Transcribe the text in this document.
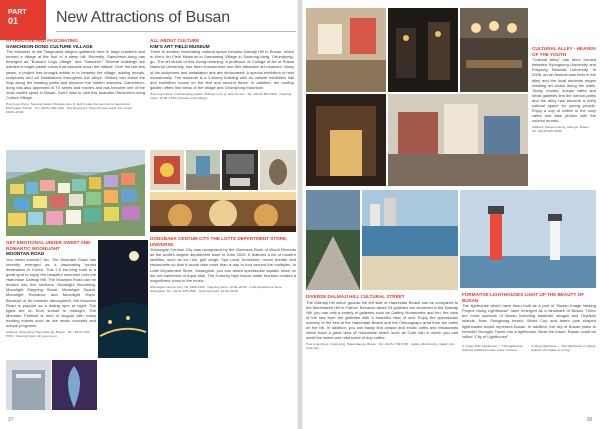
PART
01	New Attractions of Busan
ATTRACTIVE AND FASCINATING
GAMCHEON-DONG CULTURE VILLAGE
The followers of the Taegeukdo religion gathered here in large numbers and formed a village at the foot of a steep hill. Recently, Gamcheon-dong has emerged as “Busan’s Lego Village” and “Santorini.” Several buildings are painted in bright pastel colors that cascade down the hillside. Over the last few years, a project has brought artists in to beautify the village, adding murals, sculptures and art installations throughout the alleys. Visitors can follow the map along the winding paths and discover the hidden artworks. Gamcheon-dong has also appeared in TV series and movies and has become one of the most visited spots in Busan. Don’t miss to visit this beautiful Gamcheon-dong Culture Village.
How to get there: Toseong station (Subway Line 1), Exit 6, take the town bus to Gamcheon Elementary School · Tel: +82-51-204-1444 · Opening hours: Open all year round, info center 09:00~18:00
ALL ABOUT CULTURE
KIM’S ART FIELD MUSEUM
There is another fascinating cultural space besides Dalmaji Hill in Busan, which is Kim’s Art Field Museum in Samsaeng Village in Suseong-dong, Geumjeong-gu. The art studio of this loving-meaning, a professor of Collage of Art of Pusan National University, has been transformed into this attractive art museum. Many of his sculptures and installation arts are showcased. A special exhibition is held occasionally. The museum is a 3-storey building with an outside exhibition hall and exhibition rooms on the first and second floors. In addition, the rooftop garden offers fine views of the village and Geumjeong Mountain.
How to get there: Oncheonjang station (Subway Line 1), take the bus · Tel: +82-51-583-3223 · Opening hours: 10:00~18:00 (Closed on Mondays)
GET EMOTIONAL UNDER SWEET AND ROMANTIC MOONLIGHT
MOONTAN ROAD
You mean sunrise? No. The Moontan Road has recently emerged as a fascinating tourist destination in Korea. This 2.5 km-long road is a great spot to enjoy the beautiful moonrise over the Haeundae Dalmaji Hill. The Moontan Road can be divided into five sections; Moonlight Moontang, Moonlight Stepping Stone, Moonlight Sound, Moonlight Romance and Moonlight Hope. Because of its romantic atmosphere, the Moontan Road is popular as a dating spot at night. The lights are on from sunset to midnight. The Moontan Festival is held in August with many exciting events such as live music concerts and unique programs.
Address: Jung-dong, Haeundae-gu, Busan · Tel: +82-51-749-5700 · Opening hours: All year round
DONGBAEK CENTUM CITY THE LOTTE DEPARTMENT STORE, UNIVERSE
Shinsegae Centum City was recognized by the Guinness Book of World Records as the world’s largest department store in June 2009. It features a list of modern facilities, such as ice rink, golf range, Spa Land, bookstore, movie theater and restaurants so that it would take more than a day to tour around the multiplex. In Lotte Department Store, Gwangbok, you can watch spectacular aquatic show on the cut basement of Aqua Mall. The 3-storey high indoor water fountain creates a magnificent show to the music.
Shinsegae Centum City: Tel: 1588-1234 · Opening hours: 10:30~20:00 · Lotte Department Store Gwangbok: Tel: +82-51-678-2500 · Opening hours: 10:30~20:00
37
CULTURAL ALLEY - HEAVEN OF THE YOUTH
“Cultural Alley” has been formed between Kyungsung University and Pukyong National University. In 2008, an art festival was held in the alley and the local students began creating art works along the walls. Today, murals, unique cafés and small galleries line the narrow paths and the alley has become a lively cultural space for young people. Enjoy a cup of coffee in the cozy cafés and take photos with the colorful murals.
Address: Daeyeon-dong, Nam-gu, Busan · Tel: +82-51-607-4000
DIVERSE DALMAJI HILL CULTURAL STREET
The Dalmaji Hill which guards the left side of Haeundae Beach can be compared to the Montmartre Hill in France. Because about 20 galleries are clustered in the Dalmaji Hill, you can visit a variety of galleries such as Gallery Montmartre and Inn, the view of the sea from the galleries with a beautiful view of sea. Enjoy the spectacular scenery of the sea at the Haeundae Beach and the Cheongsapo area from the cafés on the hill. In addition, you can easily find unique and exotic cafes and restaurants which have a great view of Haeundae beach such as Café Van in which you can smell the sweet and mild scent of drip coffee.
How to get there: Jung-dong, Haeundae-gu, Busan · Tel: +82-51-749-5700 · Gallery Montmartre, Gallery Inn, Café Van
FORMATIVE LIGHTHOUSES LIGHT UP THE BEAUTY OF BUSAN
The lighthouse which have been built as a part of “Busan Image Making Project Using Lighthouse” have emerged as a landmark of Busan. There are more symbols of Busan including baseball, seagull and Oryukdo Islands. Now, Songjeong beach, World Cup and totem pole shaped lighthouses would represent Busan. In addition, the city of Busan plans to remodel Yeongdo Tower into a lighthouse. Near the future, Busan could be called “City of Lighthouse”.
① Totem Pole Lighthouse — This lighthouse features traditional totem poles of Korea.
② Mug Lighthouse — This lighthouse in Gijang features the shape of a mug.
38
